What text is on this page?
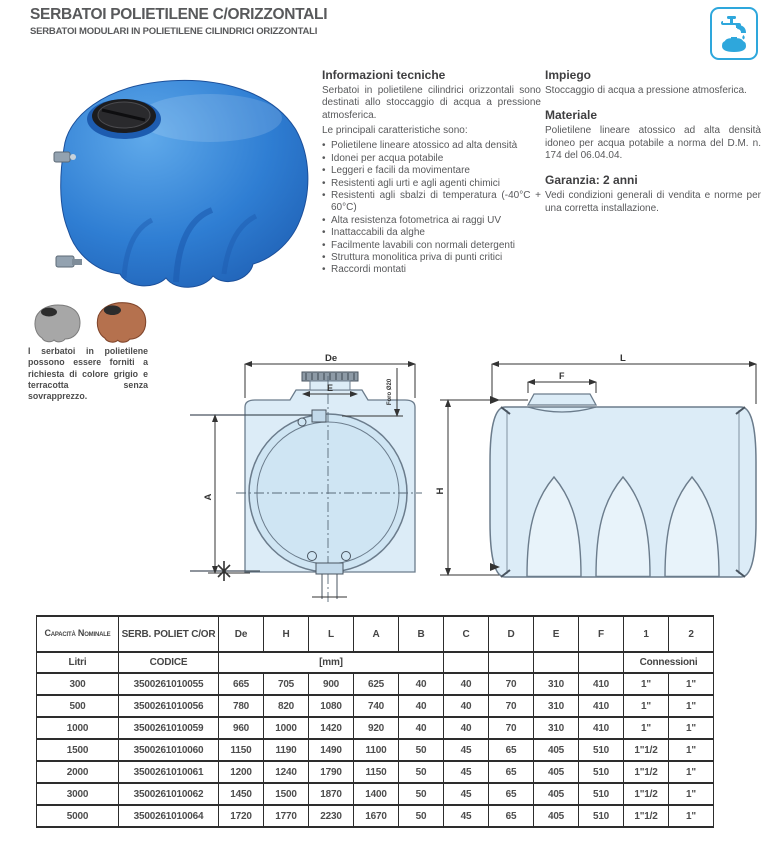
SERBATOI POLIETILENE C/ORIZZONTALI
SERBATOI MODULARI IN POLIETILENE CILINDRICI ORIZZONTALI
Informazioni tecniche

Serbatoi in polietilene cilindrici orizzontali sono destinati allo stoccaggio di acqua a pressione atmosferica.

Le principali caratteristiche sono:

• Polietilene lineare atossico ad alta densità
• Idonei per acqua potabile
• Leggeri e facili da movimentare
• Resistenti agli urti e agli agenti chimici
• Resistenti agli sbalzi di temperatura (-40°C + 60°C)
• Alta resistenza fotometrica ai raggi UV
• Inattaccabili da alghe
• Facilmente lavabili con normali detergenti
• Struttura monolitica priva di punti critici
• Raccordi montati
Impiego

Stoccaggio di acqua a pressione atmosferica.

Materiale

Polietilene lineare atossico ad alta densità idoneo per acqua potabile a norma del D.M. n. 174 del 06.04.04.

Garanzia: 2 anni

Vedi condizioni generali di vendita e norme per una corretta installazione.

I serbatoi in polietilene possono essere forniti a richiesta di colore grigio e terracotta senza sovrapprezzo.
De
E	Foro Ø20
A
H
L
F
Capacità Nominale	SERB. POLIET C/OR	De	H	L	A	B	C	D	E	F	1	2
Litri	CODICE	[mm]									Connessioni	
300	3500261010055	665	705	900	625	40	40	70	310	410	1"	1"
500	3500261010056	780	820	1080	740	40	40	70	310	410	1"	1"
1000	3500261010059	960	1000	1420	920	40	40	70	310	410	1"	1"
1500	3500261010060	1150	1190	1490	1100	50	45	65	405	510	1"1/2	1"
2000	3500261010061	1200	1240	1790	1150	50	45	65	405	510	1"1/2	1"
3000	3500261010062	1450	1500	1870	1400	50	45	65	405	510	1"1/2	1"
5000	3500261010064	1720	1770	2230	1670	50	45	65	405	510	1"1/2	1"
